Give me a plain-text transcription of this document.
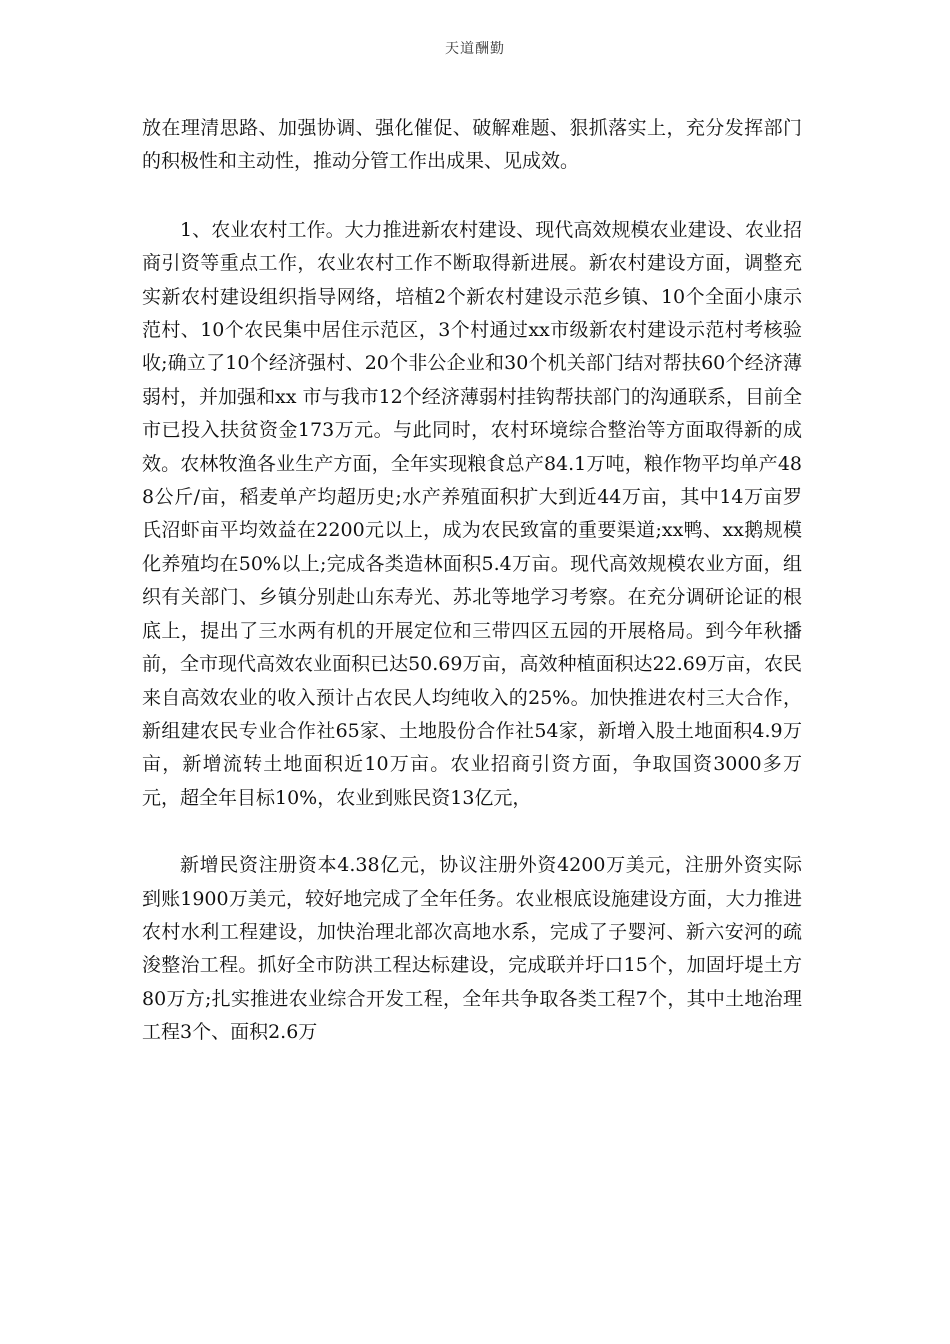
天道酬勤

放在理清思路、加强协调、强化催促、破解难题、狠抓落实上，充分发挥部门的积极性和主动性，推动分管工作出成果、见成效。

1、农业农村工作。大力推进新农村建设、现代高效规模农业建设、农业招商引资等重点工作，农业农村工作不断取得新进展。新农村建设方面，调整充实新农村建设组织指导网络，培植2个新农村建设示范乡镇、10个全面小康示范村、10个农民集中居住示范区，3个村通过xx市级新农村建设示范村考核验收;确立了10个经济强村、20个非公企业和30个机关部门结对帮扶60个经济薄弱村，并加强和xx 市与我市12个经济薄弱村挂钩帮扶部门的沟通联系，目前全市已投入扶贫资金173万元。与此同时，农村环境综合整治等方面取得新的成效。农林牧渔各业生产方面，全年实现粮食总产84.1万吨，粮作物平均单产488公斤/亩，稻麦单产均超历史;水产养殖面积扩大到近44万亩，其中14万亩罗氏沼虾亩平均效益在2200元以上，成为农民致富的重要渠道;xx鸭、xx鹅规模化养殖均在50%以上;完成各类造林面积5.4万亩。现代高效规模农业方面，组织有关部门、乡镇分别赴山东寿光、苏北等地学习考察。在充分调研论证的根底上，提出了三水两有机的开展定位和三带四区五园的开展格局。到今年秋播前，全市现代高效农业面积已达50.69万亩，高效种植面积达22.69万亩，农民来自高效农业的收入预计占农民人均纯收入的25%。加快推进农村三大合作，新组建农民专业合作社65家、土地股份合作社54家，新增入股土地面积4.9万亩，新增流转土地面积近10万亩。农业招商引资方面，争取国资3000多万元，超全年目标10%，农业到账民资13亿元，

新增民资注册资本4.38亿元，协议注册外资4200万美元，注册外资实际到账1900万美元，较好地完成了全年任务。农业根底设施建设方面，大力推进农村水利工程建设，加快治理北部次高地水系，完成了子婴河、新六安河的疏浚整治工程。抓好全市防洪工程达标建设，完成联并圩口15个，加固圩堤土方80万方;扎实推进农业综合开发工程，全年共争取各类工程7个，其中土地治理工程3个、面积2.6万
